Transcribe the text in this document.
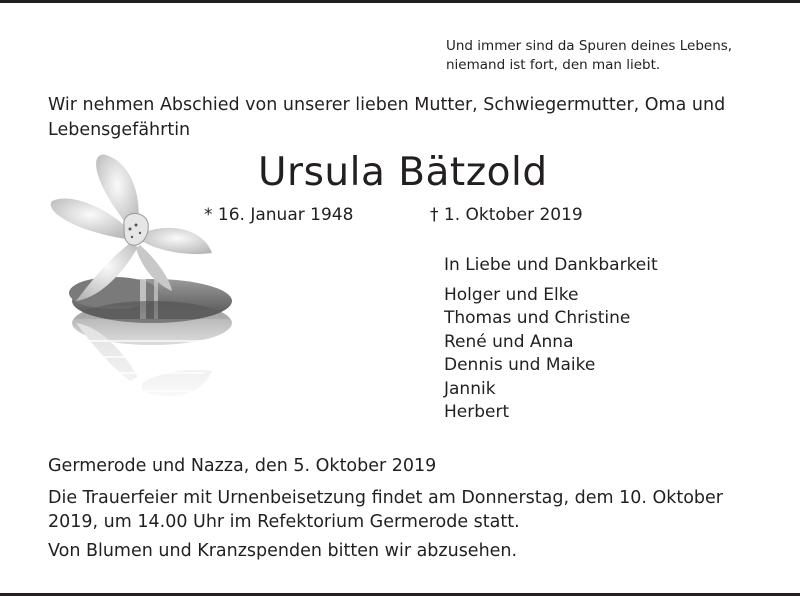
Und immer sind da Spuren deines Lebens,
niemand ist fort, den man liebt.
Wir nehmen Abschied von unserer lieben Mutter, Schwiegermutter, Oma und
Lebensgefährtin
Ursula Bätzold
* 16. Januar 1948	† 1. Oktober 2019
In Liebe und Dankbarkeit
Holger und Elke
Thomas und Christine
René und Anna
Dennis und Maike
Jannik
Herbert
Germerode und Nazza, den 5. Oktober 2019
Die Trauerfeier mit Urnenbeisetzung findet am Donnerstag, dem 10. Oktober
2019, um 14.00 Uhr im Refektorium Germerode statt.
Von Blumen und Kranzspenden bitten wir abzusehen.
